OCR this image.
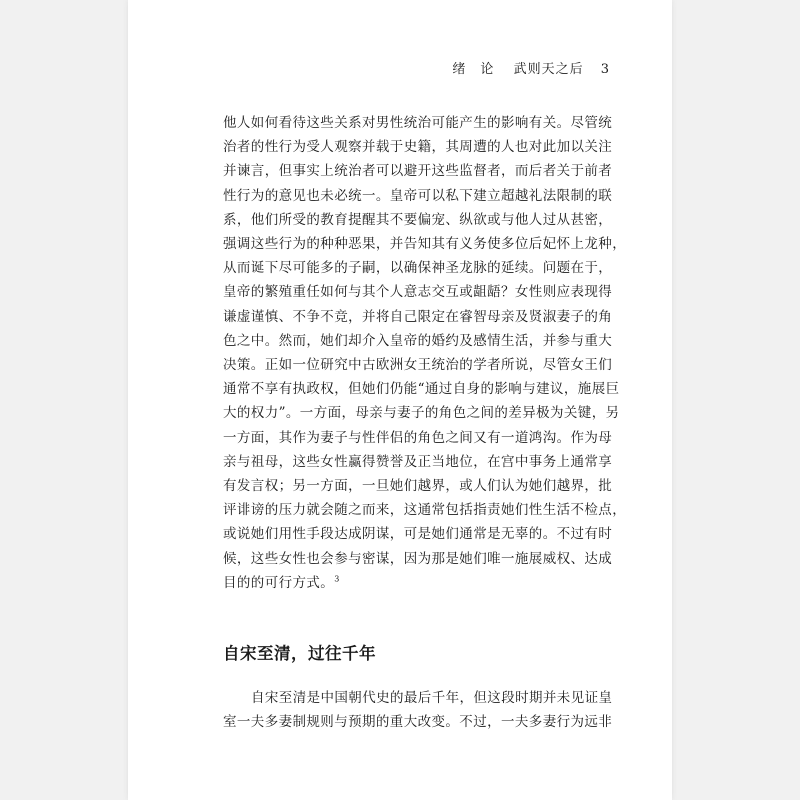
绪　论 武则天之后 3

他人如何看待这些关系对男性统治可能产生的影响有关。尽管统
治者的性行为受人观察并载于史籍，其周遭的人也对此加以关注
并谏言，但事实上统治者可以避开这些监督者，而后者关于前者
性行为的意见也未必统一。皇帝可以私下建立超越礼法限制的联
系，他们所受的教育提醒其不要偏宠、纵欲或与他人过从甚密，
强调这些行为的种种恶果，并告知其有义务使多位后妃怀上龙种，
从而诞下尽可能多的子嗣，以确保神圣龙脉的延续。问题在于，
皇帝的繁殖重任如何与其个人意志交互或龃龉？女性则应表现得
谦虚谨慎、不争不竞，并将自己限定在睿智母亲及贤淑妻子的角
色之中。然而，她们却介入皇帝的婚约及感情生活，并参与重大
决策。正如一位研究中古欧洲女王统治的学者所说，尽管女王们
通常不享有执政权，但她们仍能“通过自身的影响与建议，施展巨
大的权力”。一方面，母亲与妻子的角色之间的差异极为关键，另
一方面，其作为妻子与性伴侣的角色之间又有一道鸿沟。作为母
亲与祖母，这些女性赢得赞誉及正当地位，在宫中事务上通常享
有发言权；另一方面，一旦她们越界，或人们认为她们越界，批
评诽谤的压力就会随之而来，这通常包括指责她们性生活不检点，
或说她们用性手段达成阴谋，可是她们通常是无辜的。不过有时
候，这些女性也会参与密谋，因为那是她们唯一施展威权、达成
目的的可行方式。$^3$

自宋至清，过往千年

自宋至清是中国朝代史的最后千年，但这段时期并未见证皇
室一夫多妻制规则与预期的重大改变。不过，一夫多妻行为远非
